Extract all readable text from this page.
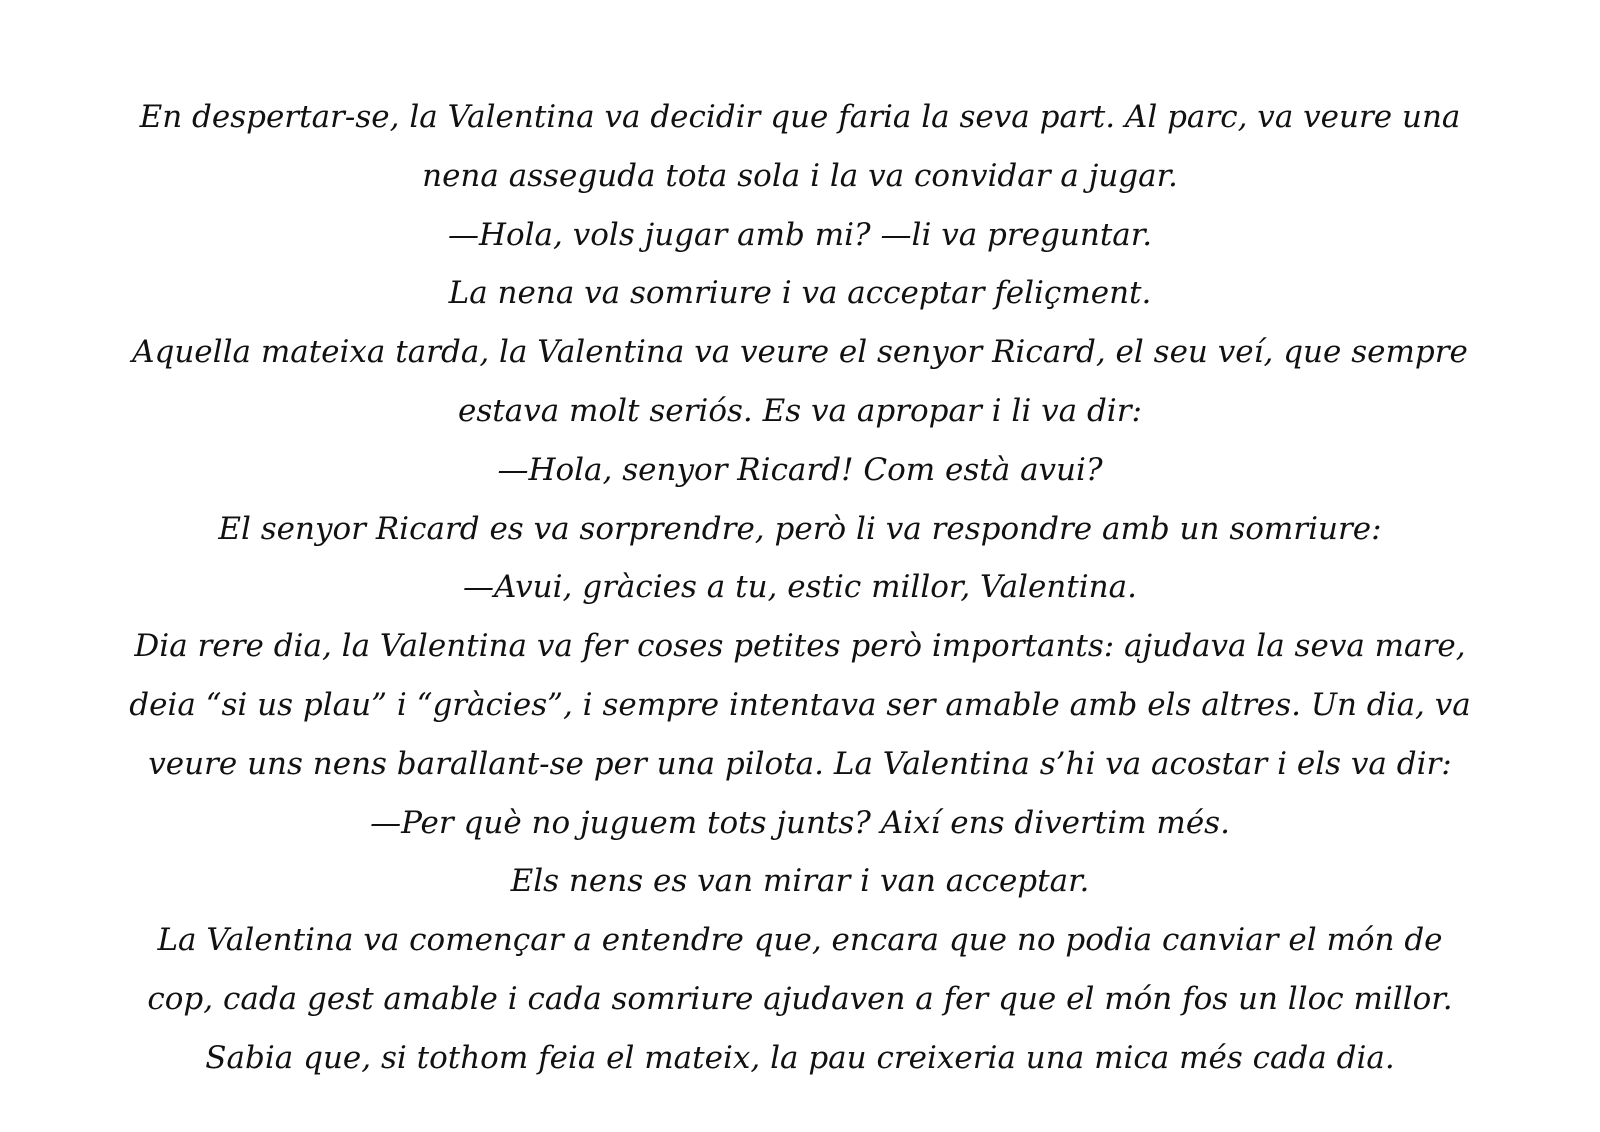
En despertar-se, la Valentina va decidir que faria la seva part. Al parc, va veure una
nena asseguda tota sola i la va convidar a jugar.
—Hola, vols jugar amb mi? —li va preguntar.
La nena va somriure i va acceptar feliçment.
Aquella mateixa tarda, la Valentina va veure el senyor Ricard, el seu veí, que sempre
estava molt seriós. Es va apropar i li va dir:
—Hola, senyor Ricard! Com està avui?
El senyor Ricard es va sorprendre, però li va respondre amb un somriure:
—Avui, gràcies a tu, estic millor, Valentina.
Dia rere dia, la Valentina va fer coses petites però importants: ajudava la seva mare,
deia “si us plau” i “gràcies”, i sempre intentava ser amable amb els altres. Un dia, va
veure uns nens barallant-se per una pilota. La Valentina s’hi va acostar i els va dir:
—Per què no juguem tots junts? Així ens divertim més.
Els nens es van mirar i van acceptar.
La Valentina va començar a entendre que, encara que no podia canviar el món de
cop, cada gest amable i cada somriure ajudaven a fer que el món fos un lloc millor.
Sabia que, si tothom feia el mateix, la pau creixeria una mica més cada dia.
